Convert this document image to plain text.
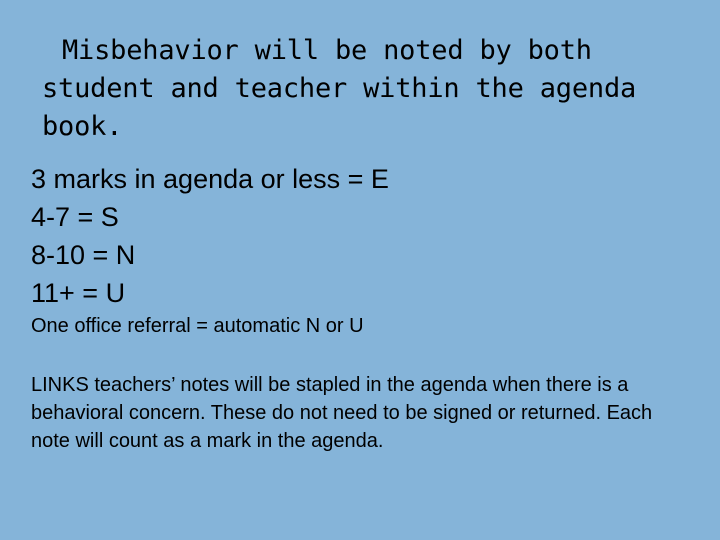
Misbehavior will be noted by both student and teacher within the agenda book.
3 marks in agenda or less = E
4-7 = S
8-10 = N
11+ = U

One office referral = automatic N or U

LINKS teachers’ notes will be stapled in the agenda when there is a behavioral concern. These do not need to be signed or returned. Each note will count as a mark in the agenda.
